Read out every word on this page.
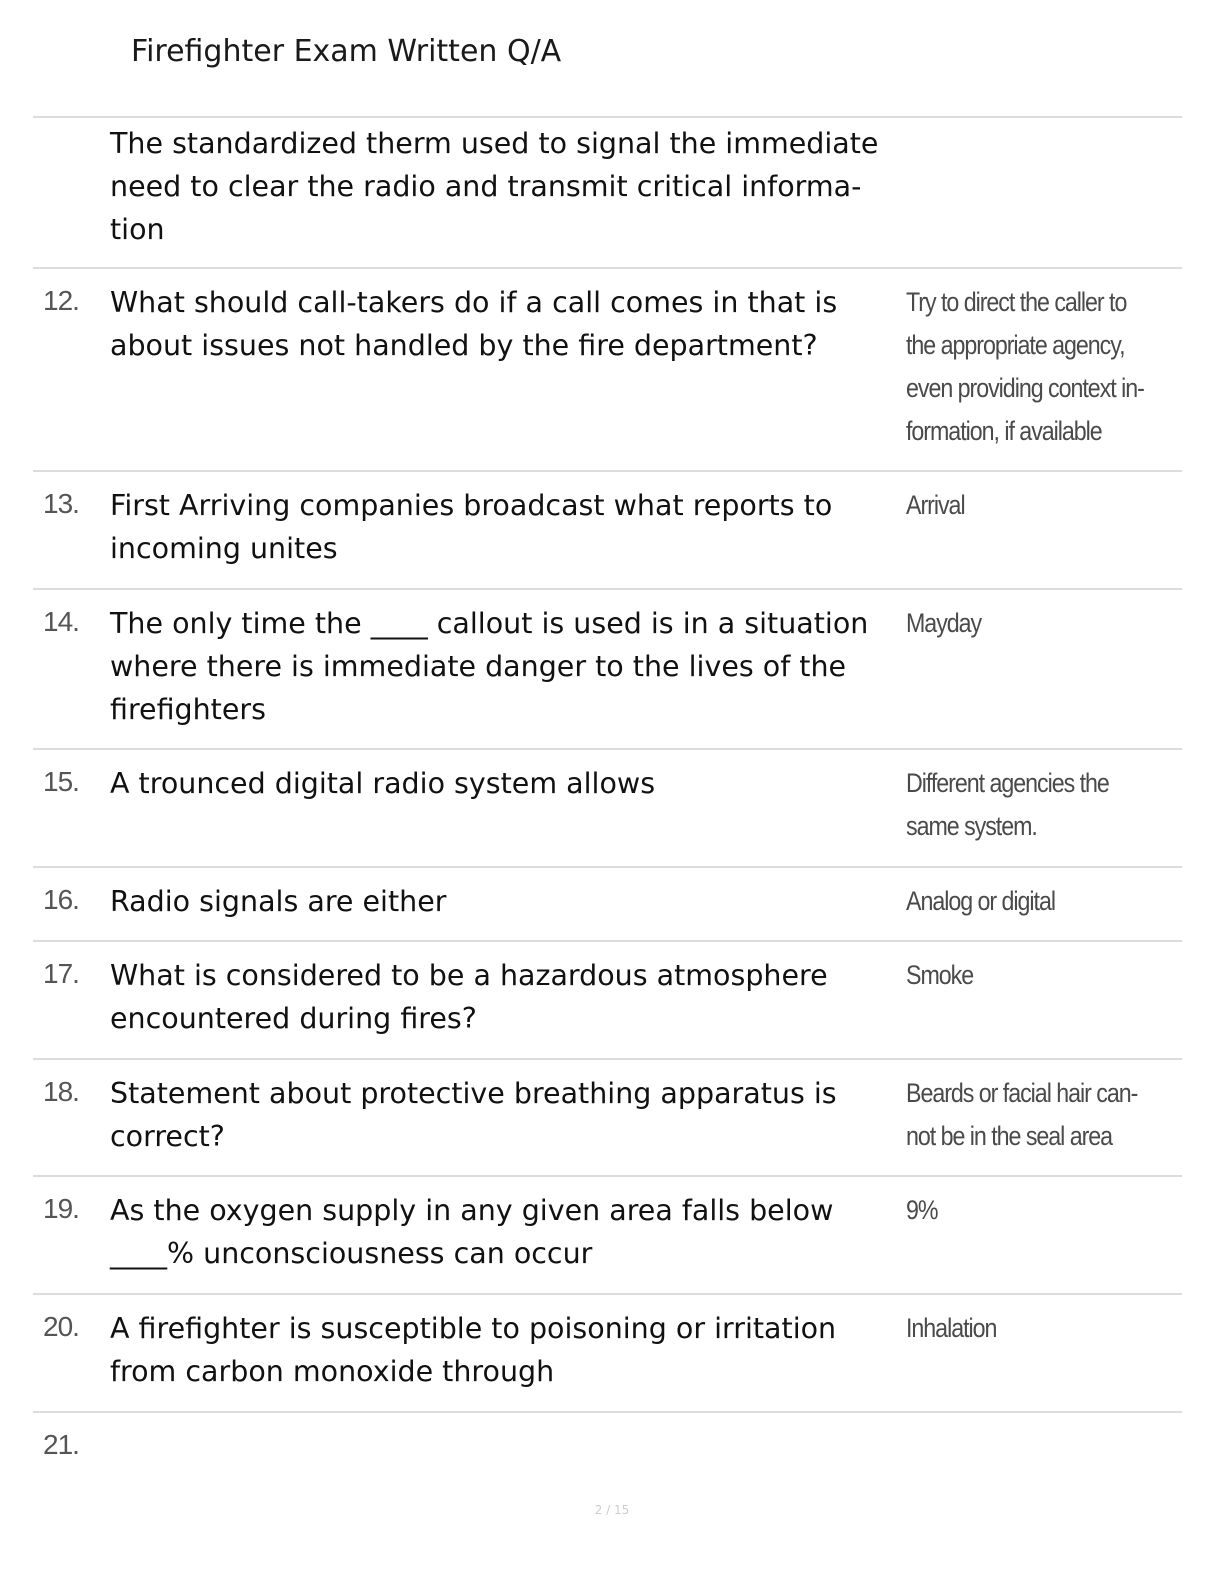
Firefighter Exam Written Q/A
The standardized therm used to signal the immediate
need to clear the radio and transmit critical informa-
tion
12. What should call-takers do if a call comes in that is
about issues not handled by the fire department?
Try to direct the caller to
the appropriate agency,
even providing context in-
formation, if available
13. First Arriving companies broadcast what reports to
incoming unites
Arrival
14. The only time the ____ callout is used is in a situation
where there is immediate danger to the lives of the
firefighters
Mayday
15. A trounced digital radio system allows	Different agencies the
same system.
16. Radio signals are either	Analog or digital
17. What is considered to be a hazardous atmosphere
encountered during fires?
Smoke
18. Statement about protective breathing apparatus is
correct?
Beards or facial hair can-
not be in the seal area
19. As the oxygen supply in any given area falls below
____% unconsciousness can occur
9%
20. A firefighter is susceptible to poisoning or irritation
from carbon monoxide through
Inhalation
21.
2 / 15
